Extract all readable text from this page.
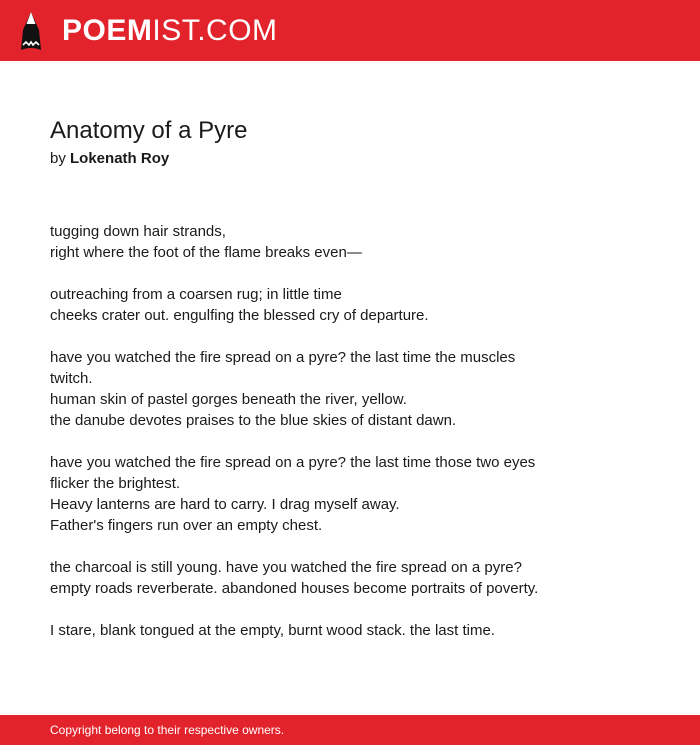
POEMIST.COM
Anatomy of a Pyre
by Lokenath Roy
tugging down hair strands,
right where the foot of the flame breaks even—
outreaching from a coarsen rug; in little time
cheeks crater out. engulfing the blessed cry of departure.
have you watched the fire spread on a pyre? the last time the muscles
twitch.
human skin of pastel gorges beneath the river, yellow.
the danube devotes praises to the blue skies of distant dawn.
have you watched the fire spread on a pyre? the last time those two eyes
flicker the brightest.
Heavy lanterns are hard to carry. I drag myself away.
Father's fingers run over an empty chest.
the charcoal is still young. have you watched the fire spread on a pyre?
empty roads reverberate. abandoned houses become portraits of poverty.
I stare, blank tongued at the empty, burnt wood stack. the last time.
Copyright belong to their respective owners.
